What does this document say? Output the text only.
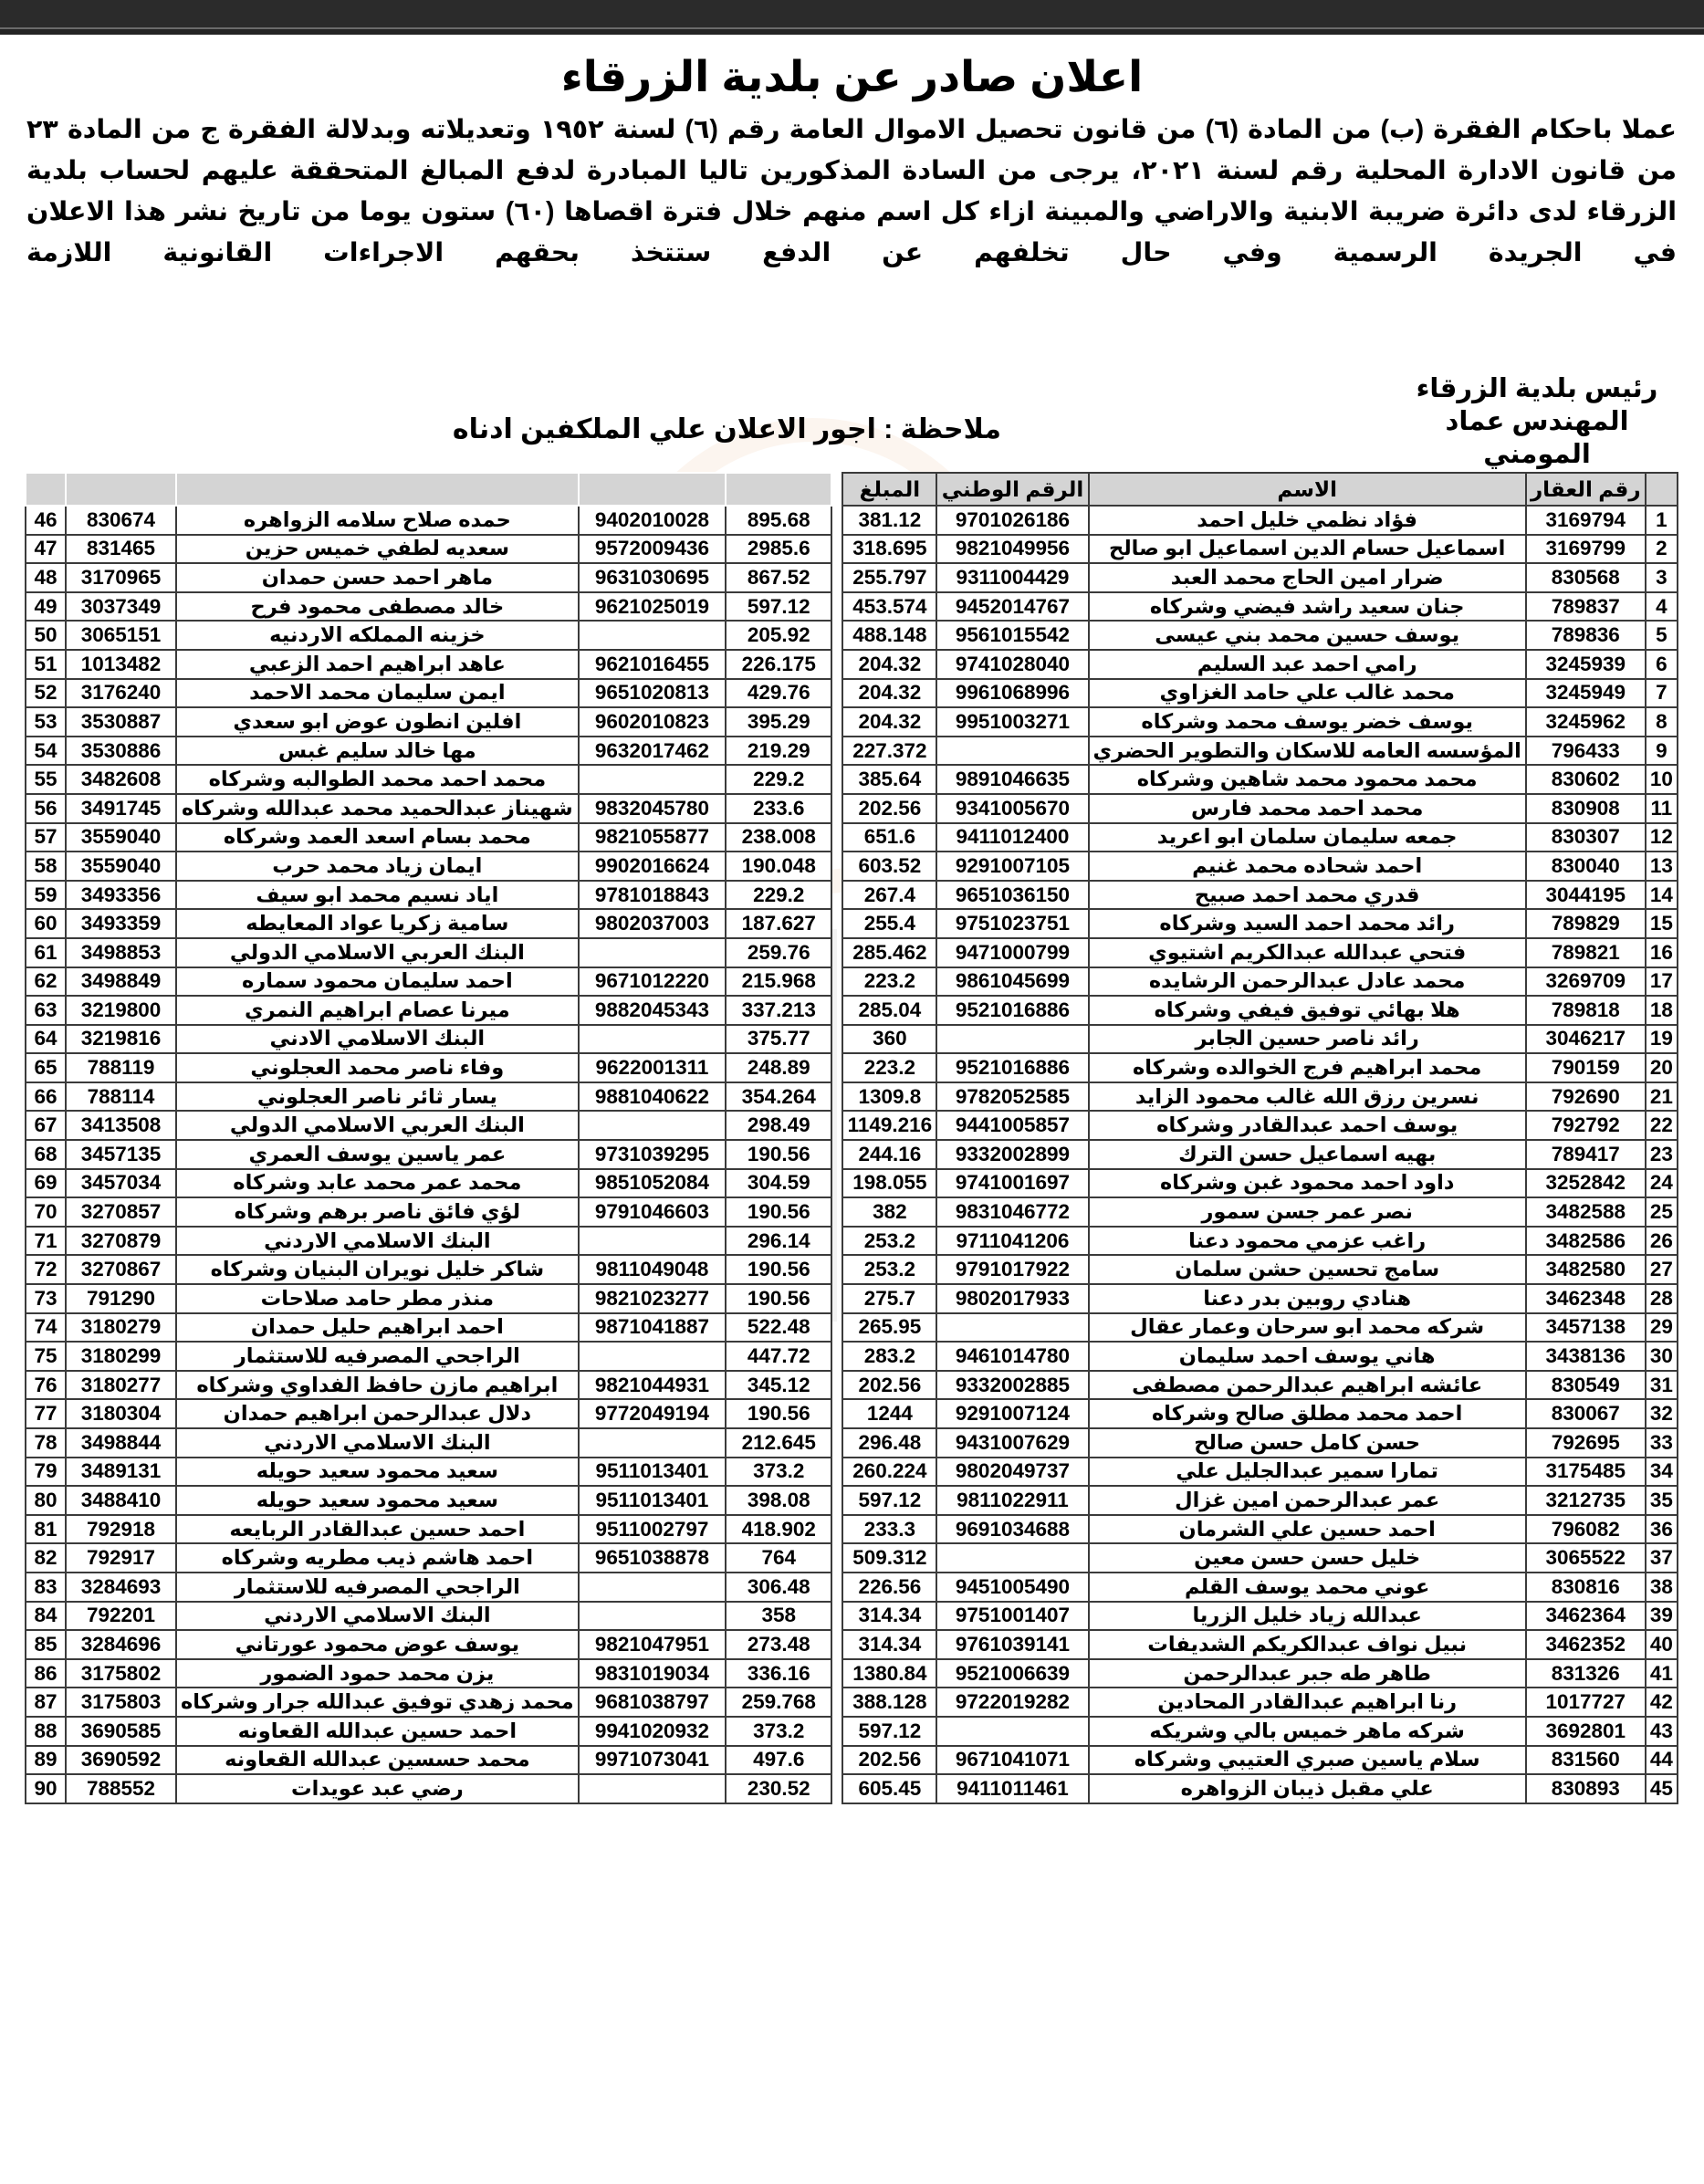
اعلان صادر عن بلدية الزرقاء

عملا باحكام الفقرة (ب) من المادة (٦) من قانون تحصيل الاموال العامة رقم (٦) لسنة ١٩٥٢ وتعديلاته وبدلالة الفقرة ج من المادة ٢٣ من قانون الادارة المحلية رقم لسنة ٢٠٢١، يرجى من السادة المذكورين تاليا المبادرة لدفع المبالغ المتحققة عليهم لحساب بلدية الزرقاء لدى دائرة ضريبة الابنية والاراضي والمبينة ازاء كل اسم منهم خلال فترة اقصاها (٦٠) ستون يوما من تاريخ نشر هذا الاعلان في الجريدة الرسمية وفي حال تخلفهم عن الدفع ستتخذ بحقهم الاجراءات القانونية اللازمة

رئيس بلدية الزرقاء
المهندس عماد المومني
ملاحظة : اجور الاعلان علي الملكفين ادناه
	رقم العقار	الاسم	الرقم الوطني	المبلغ
1	3169794	فؤاد نظمي خليل احمد	9701026186	381.12
2	3169799	اسماعيل حسام الدين اسماعيل ابو صالح	9821049956	318.695
3	830568	ضرار امين الحاج محمد العبد	9311004429	255.797
4	789837	جنان سعيد راشد فيضي وشركاه	9452014767	453.574
5	789836	يوسف حسين محمد بني عيسى	9561015542	488.148
6	3245939	رامي احمد عبد السليم	9741028040	204.32
7	3245949	محمد غالب علي حامد الغزاوي	9961068996	204.32
8	3245962	يوسف خضر يوسف محمد وشركاه	9951003271	204.32
9	796433	المؤسسه العامه للاسكان والتطوير الحضري		227.372
10	830602	محمد محمود محمد شاهين وشركاه	9891046635	385.64
11	830908	محمد احمد محمد فارس	9341005670	202.56
12	830307	جمعه سليمان سلمان ابو اعريد	9411012400	651.6
13	830040	احمد شحاده محمد غنيم	9291007105	603.52
14	3044195	قدري محمد احمد صبيح	9651036150	267.4
15	789829	رائد محمد احمد السيد وشركاه	9751023751	255.4
16	789821	فتحي عبدالله عبدالكريم اشتيوي	9471000799	285.462
17	3269709	محمد عادل عبدالرحمن الرشايده	9861045699	223.2
18	789818	هلا بهائي توفيق فيفي وشركاه	9521016886	285.04
19	3046217	رائد ناصر حسين الجابر		360
20	790159	محمد ابراهيم فرج الخوالده وشركاه	9521016886	223.2
21	792690	نسرين رزق الله غالب محمود الزايد	9782052585	1309.8
22	792792	يوسف احمد عبدالقادر وشركاه	9441005857	1149.216
23	789417	بهيه اسماعيل حسن الترك	9332002899	244.16
24	3252842	داود احمد محمود غبن وشركاه	9741001697	198.055
25	3482588	نصر عمر جسن سمور	9831046772	382
26	3482586	راغب عزمي محمود دعنا	9711041206	253.2
27	3482580	سامج تحسين حشن سلمان	9791017922	253.2
28	3462348	هنادي روبين بدر دعنا	9802017933	275.7
29	3457138	شركه محمد ابو سرحان وعمار عقال		265.95
30	3438136	هاني يوسف احمد سليمان	9461014780	283.2
31	830549	عائشه ابراهيم عبدالرحمن مصطفى	9332002885	202.56
32	830067	احمد محمد مطلق صالح وشركاه	9291007124	1244
33	792695	حسن كامل حسن صالح	9431007629	296.48
34	3175485	تمارا سمير عبدالجليل علي	9802049737	260.224
35	3212735	عمر عبدالرحمن امين غزال	9811022911	597.12
36	796082	احمد حسين علي الشرمان	9691034688	233.3
37	3065522	خليل حسن حسن معين		509.312
38	830816	عوني محمد يوسف القلم	9451005490	226.56
39	3462364	عبدالله زياد خليل الزريا	9751001407	314.34
40	3462352	نبيل نواف عبدالكريكم الشديفات	9761039141	314.34
41	831326	طاهر طه جبر عبدالرحمن	9521006639	1380.84
42	1017727	رنا ابراهيم عبدالقادر المحادين	9722019282	388.128
43	3692801	شركه ماهر خميس بالي وشريكه		597.12
44	831560	سلام ياسين صبري العتيبي وشركاه	9671041071	202.56
45	830893	علي مقبل ذيبان الزواهره	9411011461	605.45

895.68	9402010028	حمده صلاح سلامه الزواهره	830674	46
2985.6	9572009436	سعديه لطفي خميس حزين	831465	47
867.52	9631030695	ماهر احمد حسن حمدان	3170965	48
597.12	9621025019	خالد مصطفى محمود فرح	3037349	49
205.92		خزينه المملكه الاردنيه	3065151	50
226.175	9621016455	عاهد ابراهيم احمد الزعبي	1013482	51
429.76	9651020813	ايمن سليمان محمد الاحمد	3176240	52
395.29	9602010823	افلين انطون عوض ابو سعدي	3530887	53
219.29	9632017462	مها خالد سليم غبس	3530886	54
229.2		محمد احمد محمد الطوالبه وشركاه	3482608	55
233.6	9832045780	شهيناز عبدالحميد محمد عبدالله وشركاه	3491745	56
238.008	9821055877	محمد بسام اسعد العمد وشركاه	3559040	57
190.048	9902016624	ايمان زياد محمد حرب	3559040	58
229.2	9781018843	اياد نسيم محمد ابو سيف	3493356	59
187.627	9802037003	سامية زكريا عواد المعايطه	3493359	60
259.76		البنك العربي الاسلامي الدولي	3498853	61
215.968	9671012220	احمد سليمان محمود سماره	3498849	62
337.213	9882045343	ميرنا عصام ابراهيم النمري	3219800	63
375.77		البنك الاسلامي الادني	3219816	64
248.89	9622001311	وفاء ناصر محمد العجلوني	788119	65
354.264	9881040622	يسار ثائر ناصر العجلوني	788114	66
298.49		البنك العربي الاسلامي الدولي	3413508	67
190.56	9731039295	عمر ياسين يوسف العمري	3457135	68
304.59	9851052084	محمد عمر محمد عابد وشركاه	3457034	69
190.56	9791046603	لؤي فائق ناصر برهم وشركاه	3270857	70
296.14		البنك الاسلامي الاردني	3270879	71
190.56	9811049048	شاكر خليل نويران البنيان وشركاه	3270867	72
190.56	9821023277	منذر مطر حامد صلاحات	791290	73
522.48	9871041887	احمد ابراهيم حليل حمدان	3180279	74
447.72		الراجحي المصرفيه للاستثمار	3180299	75
345.12	9821044931	ابراهيم مازن حافظ الفداوي وشركاه	3180277	76
190.56	9772049194	دلال عبدالرحمن ابراهيم حمدان	3180304	77
212.645		البنك الاسلامي الاردني	3498844	78
373.2	9511013401	سعيد محمود سعيد حويله	3489131	79
398.08	9511013401	سعيد محمود سعيد حويله	3488410	80
418.902	9511002797	احمد حسين عبدالقادر الربايعه	792918	81
764	9651038878	احمد هاشم ذيب مطريه وشركاه	792917	82
306.48		الراجحي المصرفيه للاستثمار	3284693	83
358		البنك الاسلامي الاردني	792201	84
273.48	9821047951	يوسف عوض محمود عورتاني	3284696	85
336.16	9831019034	يزن محمد حمود الضمور	3175802	86
259.768	9681038797	محمد زهدي توفيق عبدالله جرار وشركاه	3175803	87
373.2	9941020932	احمد حسين عبدالله القعاونه	3690585	88
497.6	9971073041	محمد حسسين عبدالله القعاونه	3690592	89
230.52		رضي عبد عويدات	788552	90
